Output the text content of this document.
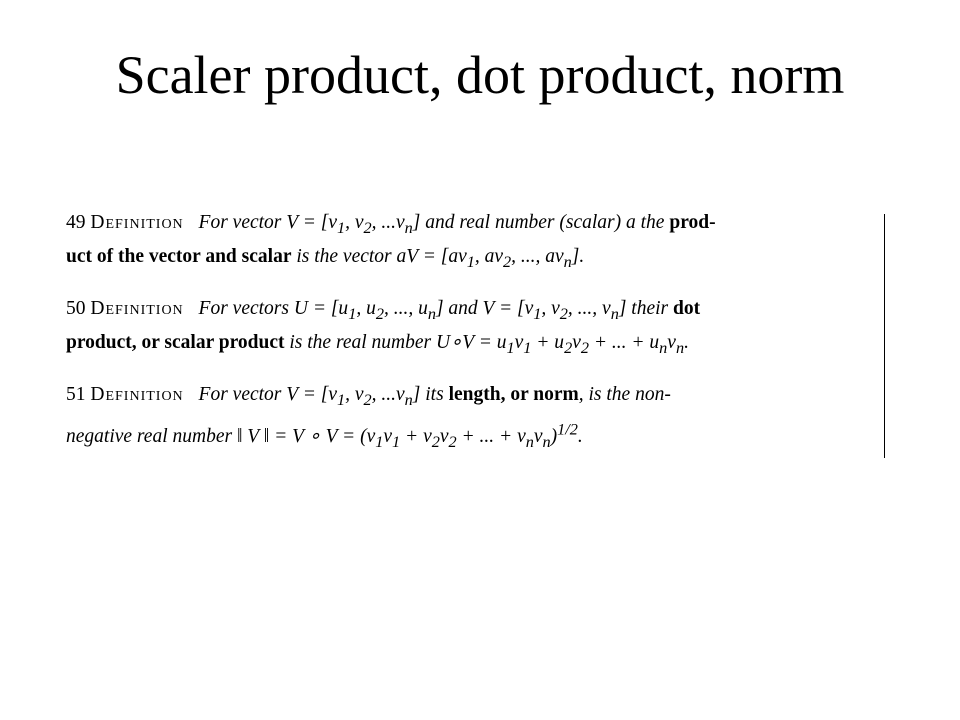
Scaler product, dot product, norm
49 Definition For vector $V = [v_1$, $v_2$, $...v_n$] and real number (scalar) a the prod-
uct of the vector and scalar is the vector aV = [$av_1$, $av_2$, ..., $av_n$].
50 Definition For vectors $U = [u_1$, $u_2$, ..., $u_n$] and $V = [v_1$, $v_2$, ..., $v_n$] their dot
product, or scalar product is the real number U∘V = $u_1v_1 + u_2v_2$ + ... + $u_nv_n$.
51 Definition For vector $V = [v_1$, $v_2$, $...v_n$] its length, or norm, is the non-
negative real number ‖ V ‖ = V ∘ $V = (v_1v_1 + v_2v_2$ + ... + $v_nv_n)^{1/2}$.
